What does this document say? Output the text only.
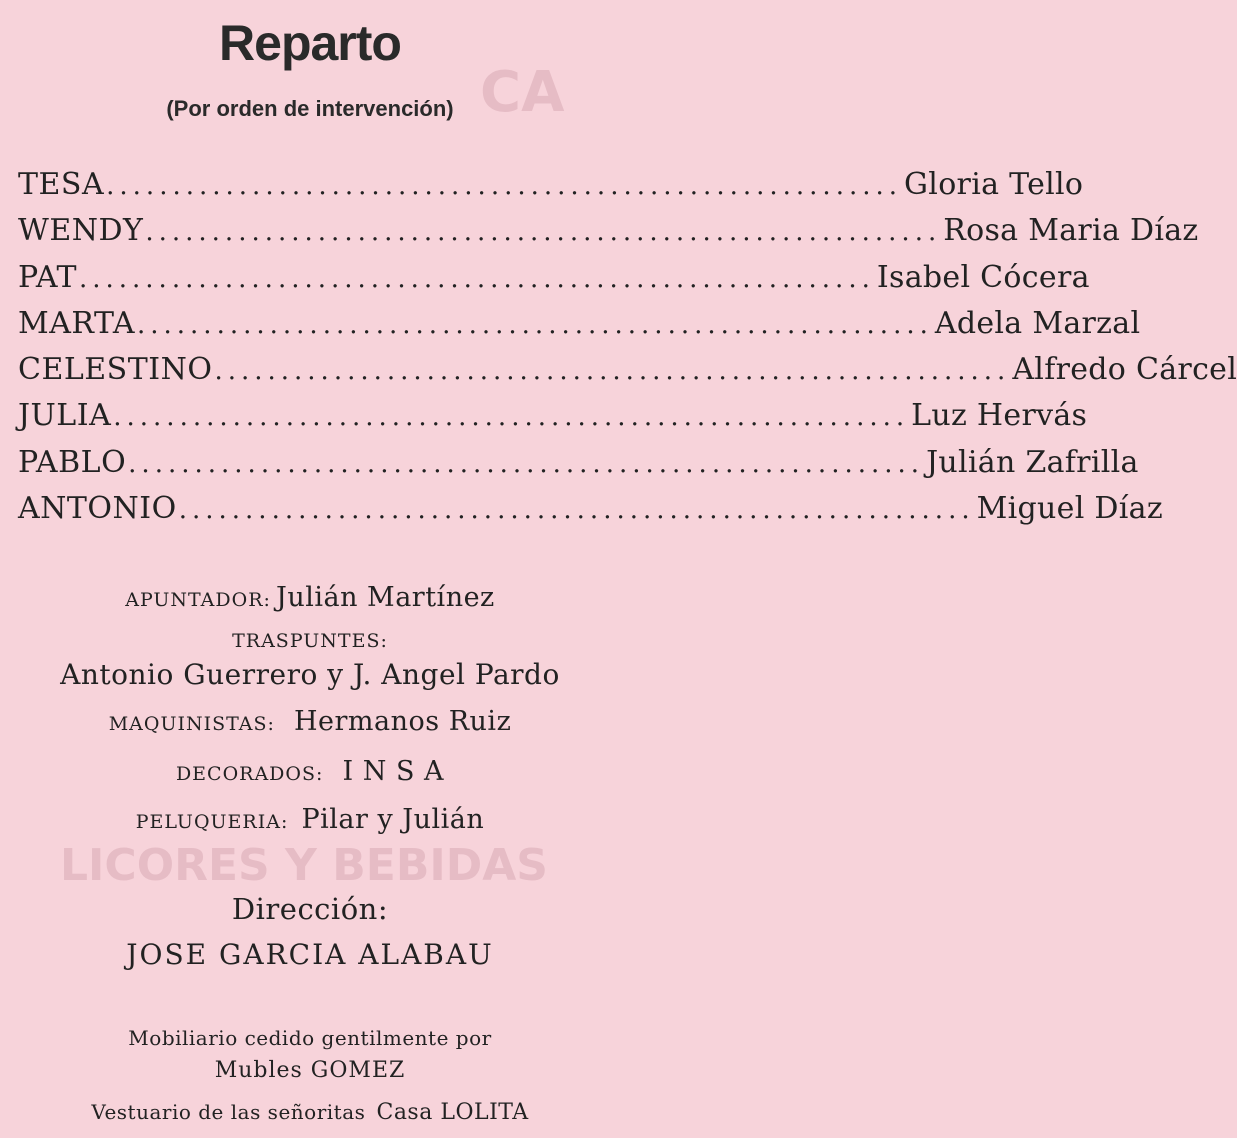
CA
LICORES Y BEBIDAS
Reparto
(Por orden de intervención)
TESA ............................................................ Gloria Tello
WENDY ............................................................ Rosa Maria Díaz
PAT ............................................................ Isabel Cócera
MARTA ............................................................ Adela Marzal
CELESTINO ............................................................ Alfredo Cárcel
JULIA ............................................................ Luz Hervás
PABLO ............................................................ Julián Zafrilla
ANTONIO ............................................................ Miguel Díaz
APUNTADOR: Julián Martínez
TRASPUNTES:
Antonio Guerrero y J. Angel Pardo
MAQUINISTAS: Hermanos Ruiz
DECORADOS: I N S A
PELUQUERIA: Pilar y Julián
Dirección:
JOSE GARCIA ALABAU
Mobiliario cedido gentilmente por
Mubles GOMEZ
Vestuario de las señoritas Casa LOLITA
